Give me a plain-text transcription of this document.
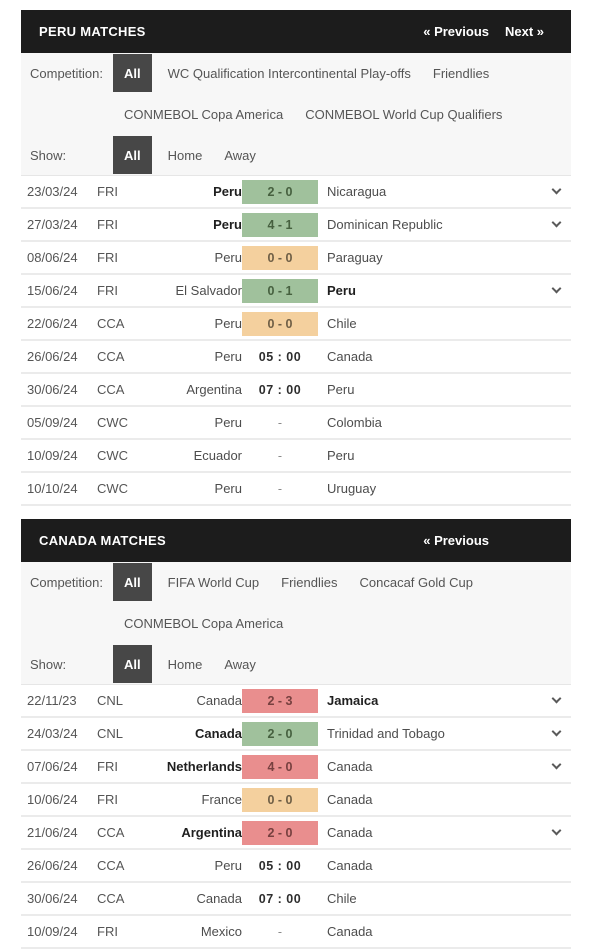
PERU MATCHES	« Previous Next »
Competition:	All	WC Qualification Intercontinental Play-offs Friendlies
CONMEBOL Copa America CONMEBOL World Cup Qualifiers
Show:	All	Home Away
23/03/24	FRI	Peru	2 - 0	Nicaragua
27/03/24	FRI	Peru	4 - 1	Dominican Republic
08/06/24	FRI	Peru	0 - 0	Paraguay
15/06/24	FRI	El Salvador	0 - 1	Peru
22/06/24	CCA	Peru	0 - 0	Chile
26/06/24	CCA	Peru	05 : 00	Canada
30/06/24	CCA	Argentina	07 : 00	Peru
05/09/24	CWC	Peru	-	Colombia
10/09/24	CWC	Ecuador	-	Peru
10/10/24	CWC	Peru	-	Uruguay
CANADA MATCHES	« Previous
Competition:	All	FIFA World Cup Friendlies Concacaf Gold Cup
CONMEBOL Copa America
Show:	All	Home Away
22/11/23	CNL	Canada	2 - 3	Jamaica
24/03/24	CNL	Canada	2 - 0	Trinidad and Tobago
07/06/24	FRI	Netherlands	4 - 0	Canada
10/06/24	FRI	France	0 - 0	Canada
21/06/24	CCA	Argentina	2 - 0	Canada
26/06/24	CCA	Peru	05 : 00	Canada
30/06/24	CCA	Canada	07 : 00	Chile
10/09/24	FRI	Mexico	-	Canada
